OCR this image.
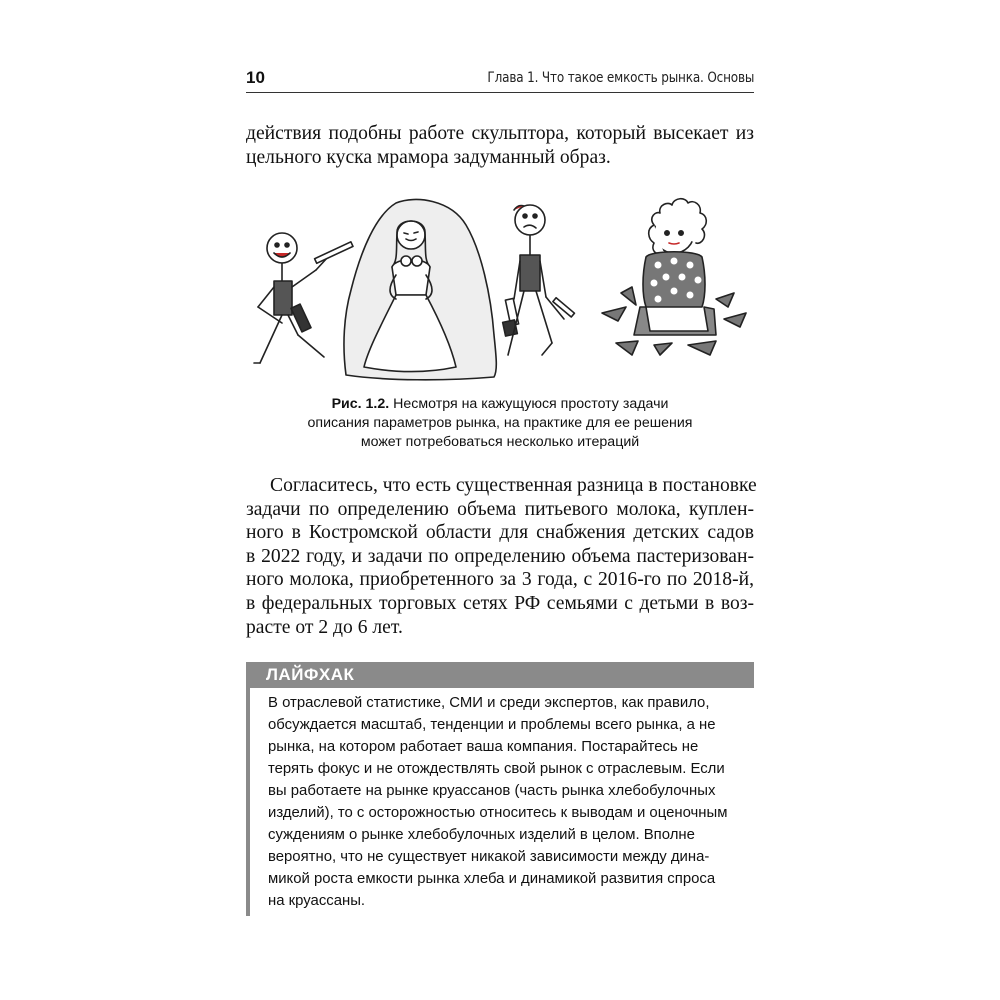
10	Глава 1. Что такое емкость рынка. Основы
действия подобны работе скульптора, который высекает из
цельного куска мрамора задуманный образ.
Рис. 1.2. Несмотря на кажущуюся простоту задачи
описания параметров рынка, на практике для ее решения
может потребоваться несколько итераций
Согласитесь, что есть существенная разница в постановке
задачи по определению объема питьевого молока, куплен-
ного в Костромской области для снабжения детских садов
в 2022 году, и задачи по определению объема пастеризован-
ного молока, приобретенного за 3 года, с 2016-го по 2018-й,
в федеральных торговых сетях РФ семьями с детьми в воз-
расте от 2 до 6 лет.
ЛАЙФХАК
В отраслевой статистике, СМИ и среди экспертов, как правило,
обсуждается масштаб, тенденции и проблемы всего рынка, а не
рынка, на котором работает ваша компания. Постарайтесь не
терять фокус и не отождествлять свой рынок с отраслевым. Если
вы работаете на рынке круассанов (часть рынка хлебобулочных
изделий), то с осторожностью относитесь к выводам и оценочным
суждениям о рынке хлебобулочных изделий в целом. Вполне
вероятно, что не существует никакой зависимости между дина-
микой роста емкости рынка хлеба и динамикой развития спроса
на круассаны.
